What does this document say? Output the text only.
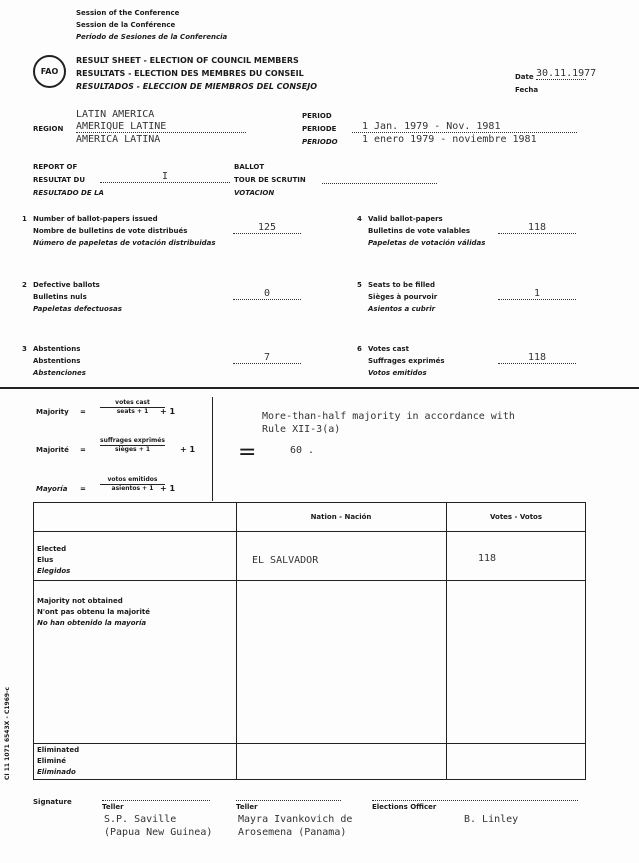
Session of the Conference
Session de la Conférence
Período de Sesiones de la Conferencia
FAO
RESULT SHEET - ELECTION OF COUNCIL MEMBERS
RESULTATS - ELECTION DES MEMBRES DU CONSEIL
RESULTADOS - ELECCION DE MIEMBROS DEL CONSEJO
Date
Fecha
30.11.1977
LATIN AMERICA
REGION AMERIQUE LATINE
AMERICA LATINA
PERIOD
PERIODE
PERIODO
1 Jan. 1979 - Nov. 1981
1 enero 1979 - noviembre 1981
REPORT OF
RESULTAT DU
RESULTADO DE LA
I
BALLOT
TOUR DE SCRUTIN
VOTACION
1 Number of ballot-papers issued
Nombre de bulletins de vote distribués
Número de papeletas de votación distribuidas
125
2 Defective ballots
Bulletins nuls
Papeletas defectuosas
0
3 Abstentions
Abstentions
Abstenciones
7
4 Valid ballot-papers
Bulletins de vote valables
Papeletas de votación válidas
118
5 Seats to be filled
Sièges à pourvoir
Asientos a cubrir
1
6 Votes cast
Suffrages exprimés
Votos emitidos
118
Majority =
votes cast
seats + 1	+ 1
Majorité =
suffrages exprimés
sièges + 1	+ 1
Mayoría =
votos emitidos
asientos + 1 + 1
=
More-than-half majority in accordance with
Rule XII-3(a)
60 .
Nation - Nación	Votes - Votos
Elected
Elus
Elegidos
EL SALVADOR	118
Majority not obtained
N'ont pas obtenu la majorité
No han obtenido la mayoría
Eliminated
Eliminé
Eliminado
CI 11 1071 6543X - C1969-c
Signature
Teller
S.P. Saville
(Papua New Guinea)
Teller
Mayra Ivankovich de
Arosemena (Panama)
Elections Officer
B. Linley
